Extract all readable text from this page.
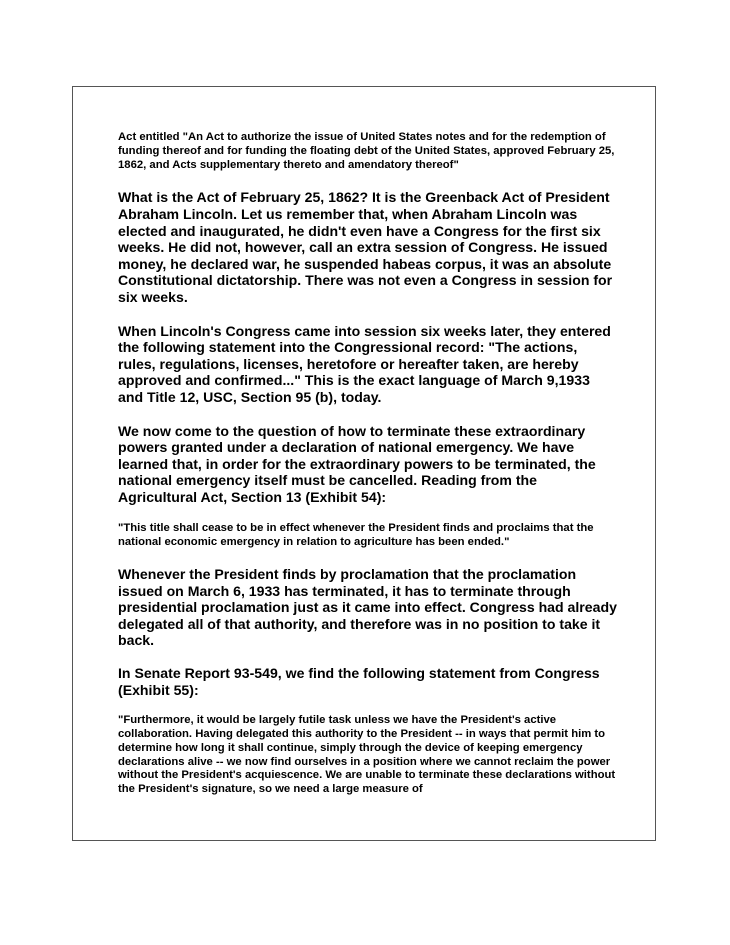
Act entitled "An Act to authorize the issue of United States notes and for the redemption of funding thereof and for funding the floating debt of the United States, approved February 25, 1862, and Acts supplementary thereto and amendatory thereof"

What is the Act of February 25, 1862? It is the Greenback Act of President Abraham Lincoln. Let us remember that, when Abraham Lincoln was elected and inaugurated, he didn't even have a Congress for the first six weeks. He did not, however, call an extra session of Congress. He issued money, he declared war, he suspended habeas corpus, it was an absolute Constitutional dictatorship. There was not even a Congress in session for six weeks.

When Lincoln's Congress came into session six weeks later, they entered the following statement into the Congressional record: "The actions, rules, regulations, licenses, heretofore or hereafter taken, are hereby approved and confirmed..." This is the exact language of March 9,1933 and Title 12, USC, Section 95 (b), today.

We now come to the question of how to terminate these extraordinary powers granted under a declaration of national emergency. We have learned that, in order for the extraordinary powers to be terminated, the national emergency itself must be cancelled. Reading from the Agricultural Act, Section 13 (Exhibit 54):

"This title shall cease to be in effect whenever the President finds and proclaims that the national economic emergency in relation to agriculture has been ended."

Whenever the President finds by proclamation that the proclamation issued on March 6, 1933 has terminated, it has to terminate through presidential proclamation just as it came into effect. Congress had already delegated all of that authority, and therefore was in no position to take it back.

In Senate Report 93-549, we find the following statement from Congress (Exhibit 55):

"Furthermore, it would be largely futile task unless we have the President's active collaboration. Having delegated this authority to the President -- in ways that permit him to determine how long it shall continue, simply through the device of keeping emergency declarations alive -- we now find ourselves in a position where we cannot reclaim the power without the President's acquiescence. We are unable to terminate these declarations without the President's signature, so we need a large measure of
